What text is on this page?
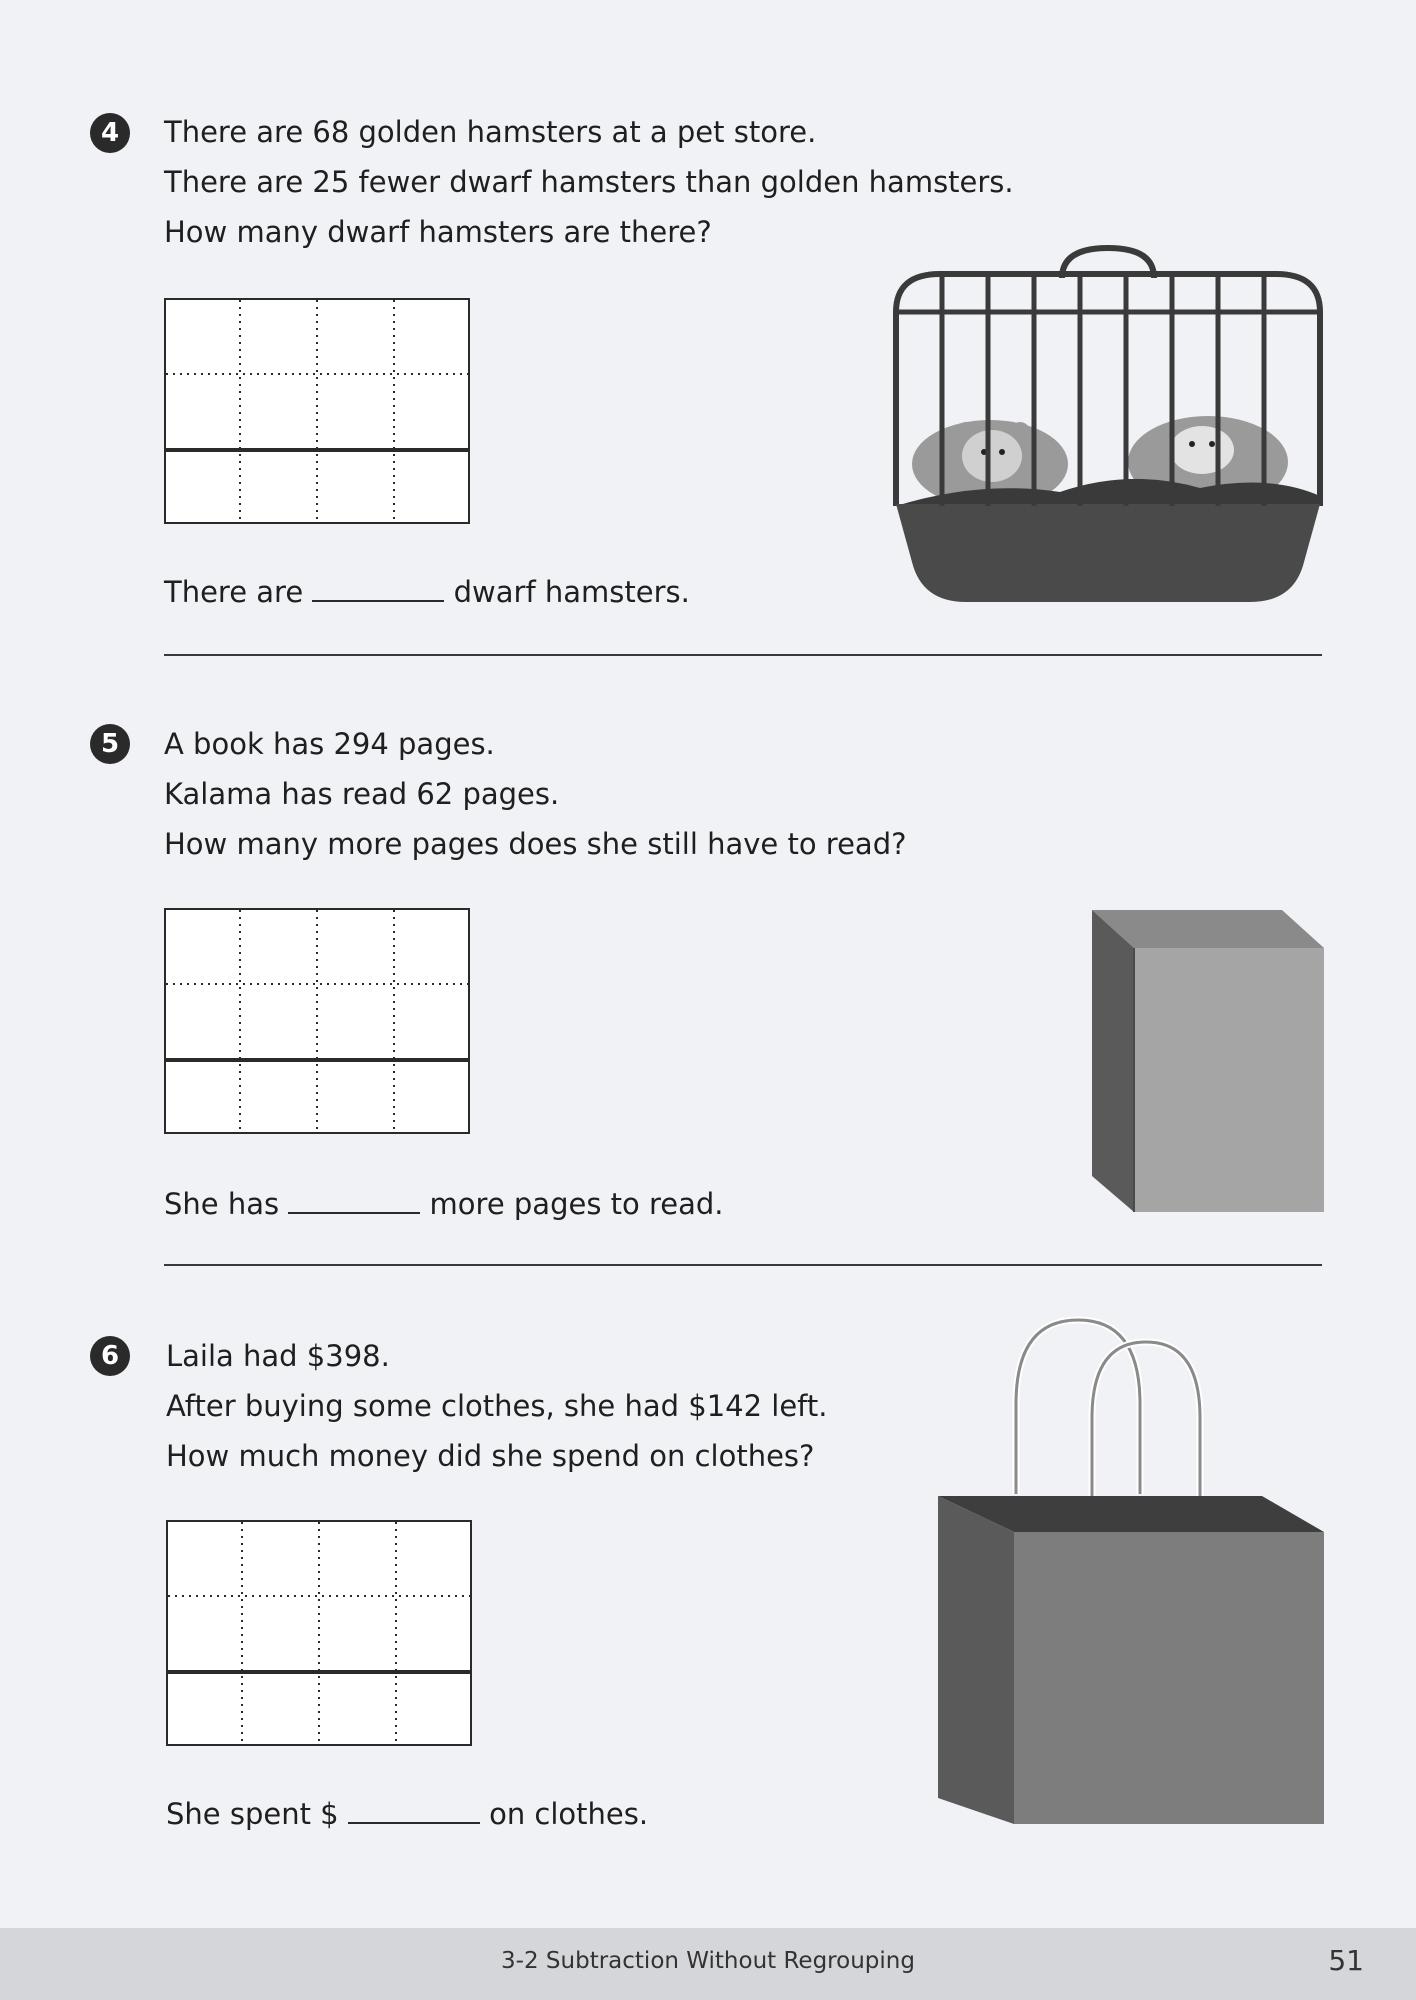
4	There are 68 golden hamsters at a pet store.
There are 25 fewer dwarf hamsters than golden hamsters.
How many dwarf hamsters are there?
There are	dwarf hamsters.
5	A book has 294 pages.
Kalama has read 62 pages.
How many more pages does she still have to read?
She has	more pages to read.
6	Laila had $398.
After buying some clothes, she had $142 left.
How much money did she spend on clothes?
She spent $	on clothes.
3-2 Subtraction Without Regrouping	51
